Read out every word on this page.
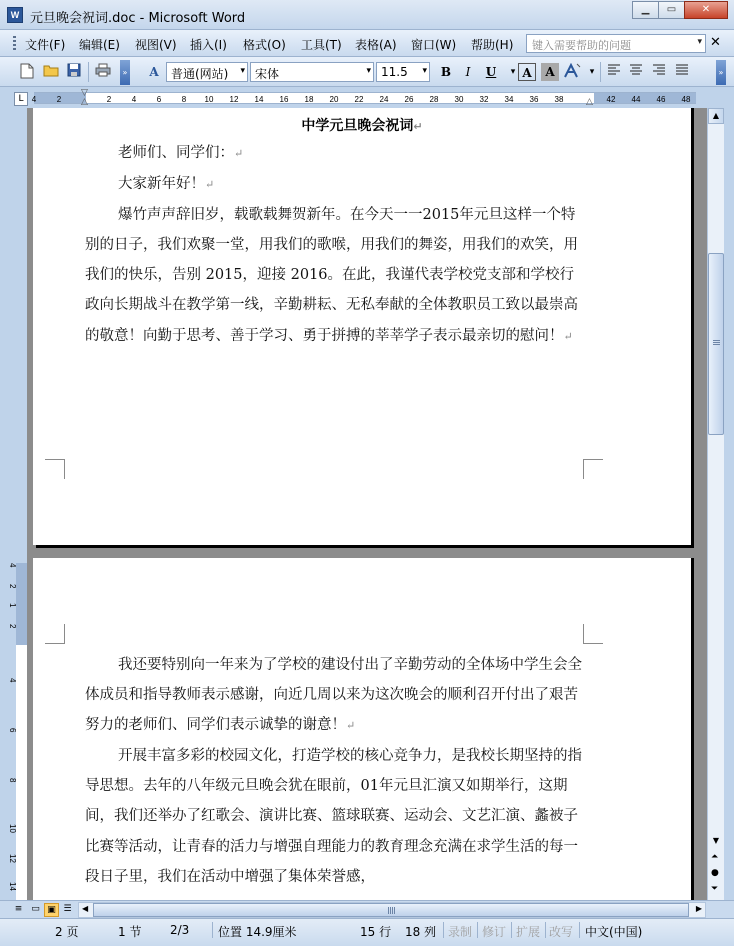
W 元旦晚会祝词.doc - Microsoft Word
▁	▭	✕
文件(F) 编辑(E) 视图(V) 插入(I) 格式(O) 工具(T) 表格(A) 窗口(W) 帮助(H)	键入需要帮助的问题	▾ ✕
»	A	普通(网站) ▾ 宋体	▾ 11.5 ▾	B	I	U	▾ A	A	▾	»
L	4	2	2	4	6	8 10 12 14 16 18 20 22 24 26 28 30 32 34 36 38	42 44 46 48
▽
△	△
4
2
1
2
4
6
8
10
12
14
中学元旦晚会祝词↵
老师们、同学们：↵
大家新年好！↵
爆竹声声辞旧岁，载歌载舞贺新年。在今天一一2015年元旦这样一个特别的日子，我们欢聚一堂，用我们的歌喉，用我们的舞姿，用我们的欢笑，用我们的快乐，告别 2015，迎接 2016。在此，我谨代表学校党支部和学校行政向长期战斗在教学第一线，辛勤耕耘、无私奉献的全体教职员工致以最崇高的敬意！向勤于思考、善于学习、勇于拼搏的莘莘学子表示最亲切的慰问！↵
我还要特别向一年来为了学校的建设付出了辛勤劳动的全体场中学生会全体成员和指导教师表示感谢，向近几周以来为这次晚会的顺利召开付出了艰苦努力的老师们、同学们表示诚挚的谢意！↵
开展丰富多彩的校园文化，打造学校的核心竞争力，是我校长期坚持的指导思想。去年的八年级元旦晚会犹在眼前，01年元旦汇演又如期举行，这期间，我们还举办了红歌会、演讲比赛、篮球联赛、运动会、文艺汇演、蠡被子比赛等活动，让青春的活力与增强自理能力的教育理念充满在求学生活的每一段日子里，我们在活动中增强了集体荣誉感，
▲
▼
⏶
●
⏷
≡ ▭ ▣ ☰	◀	▶
2 页	1 节 2/3 位置 14.9厘米	15 行 18 列 录制 修订 扩展 改写 中文(中国)
